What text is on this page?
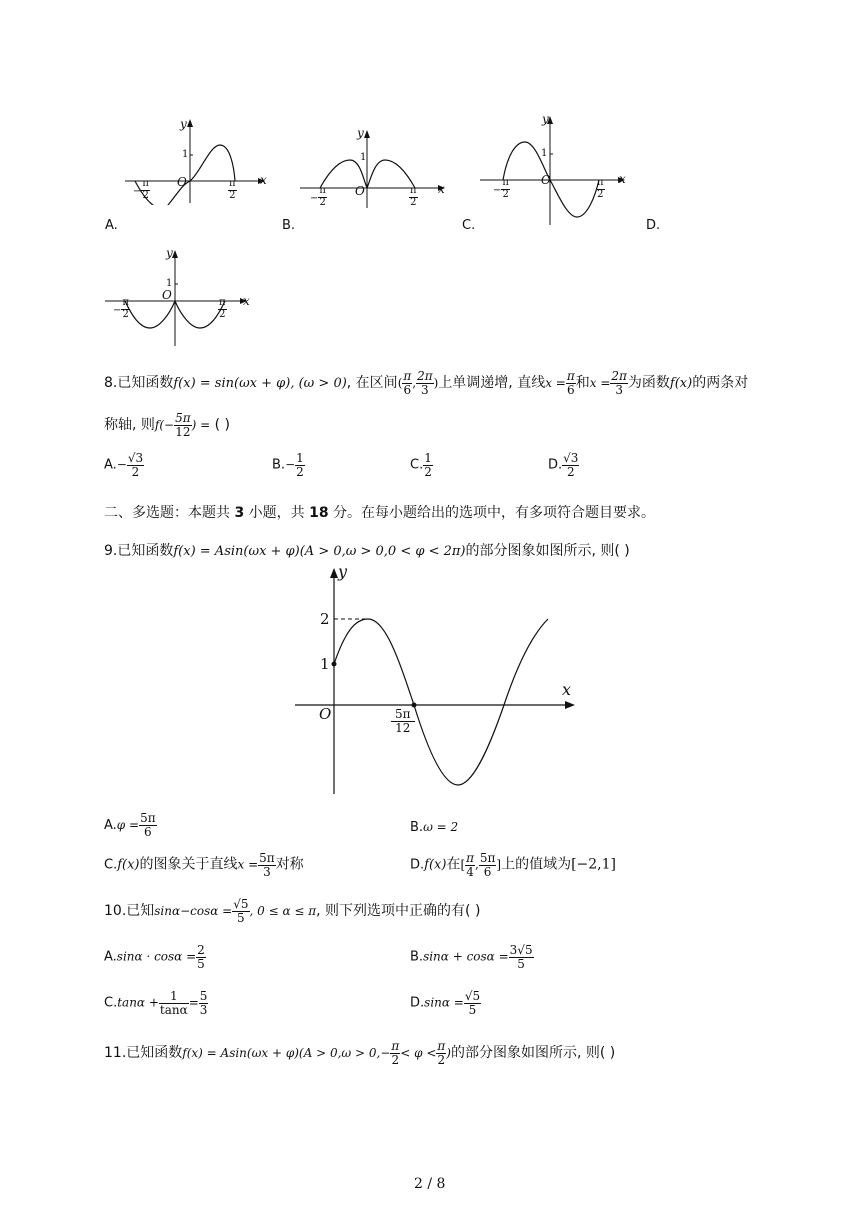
y
x
O
1
− $\frac{\pi}{2}$	$\frac{\pi}{2}$
A.
y
x
O
1
− $\frac{\pi}{2}$	$\frac{\pi}{2}$
B.
y
x
O
1
− $\frac{\pi}{2}$	$\frac{\pi}{2}$
C.	D.
y
x
O
1
− $\frac{\pi}{2}$	$\frac{\pi}{2}$
8.已知函数f(x) = sin(ωx + φ), (ω > 0), 在区间( $\frac{\pi}{6}$ , $\frac{2\pi}{3}$ )上单调递增, 直线$x = \frac{\pi}{6}$ 和$x = \frac{2\pi}{3}$ 为函数f(x)的两条对
称轴, 则$f(- \frac{5\pi}{12}$ ) = ( )
$A.- \frac{√3}{2}$	$B.- \frac{1}{2}$	C. $\frac{1}{2}$	D. $\frac{√3}{2}$
二、多选题：本题共 3 小题，共 18 分。在每小题给出的选项中，有多项符合题目要求。
9.已知函数f(x) = Asin(ωx + φ)(A > 0,ω > 0,0 < φ < 2π)的部分图象如图所示, 则( )
y
x
O
2
1
$\frac{5\pi}{12}$
$A.\varphi = \frac{5\pi}{6}$	B.ω = 2
C.f(x)的图象关于直线$x = \frac{5\pi}{3}$ 对称	D.f(x)在[ $\frac{\pi}{4}$ , $\frac{5\pi}{6}$ ]上的值域为[−2,1]
10.已知$\sin\alpha-\cos\alpha = \frac{√5}{5}$ , 0 ≤ α ≤ π, 则下列选项中正确的有( )
$A.\sin\alpha \cdot \cos\alpha = \frac{2}{5}$	$B.\sin\alpha + \cos\alpha = \frac{3√5}{5}$
$C.\tan\alpha + \frac{1}{\tan\alpha} = \frac{5}{3}$	$D.\sin\alpha = \frac{√5}{5}$
11.已知函数$f(x) = Asin(\omega x + \varphi)(A > 0,\omega > 0,- \frac{\pi}{2} < \varphi < \frac{\pi}{2}$ )的部分图象如图所示, 则( )
2 / 8
